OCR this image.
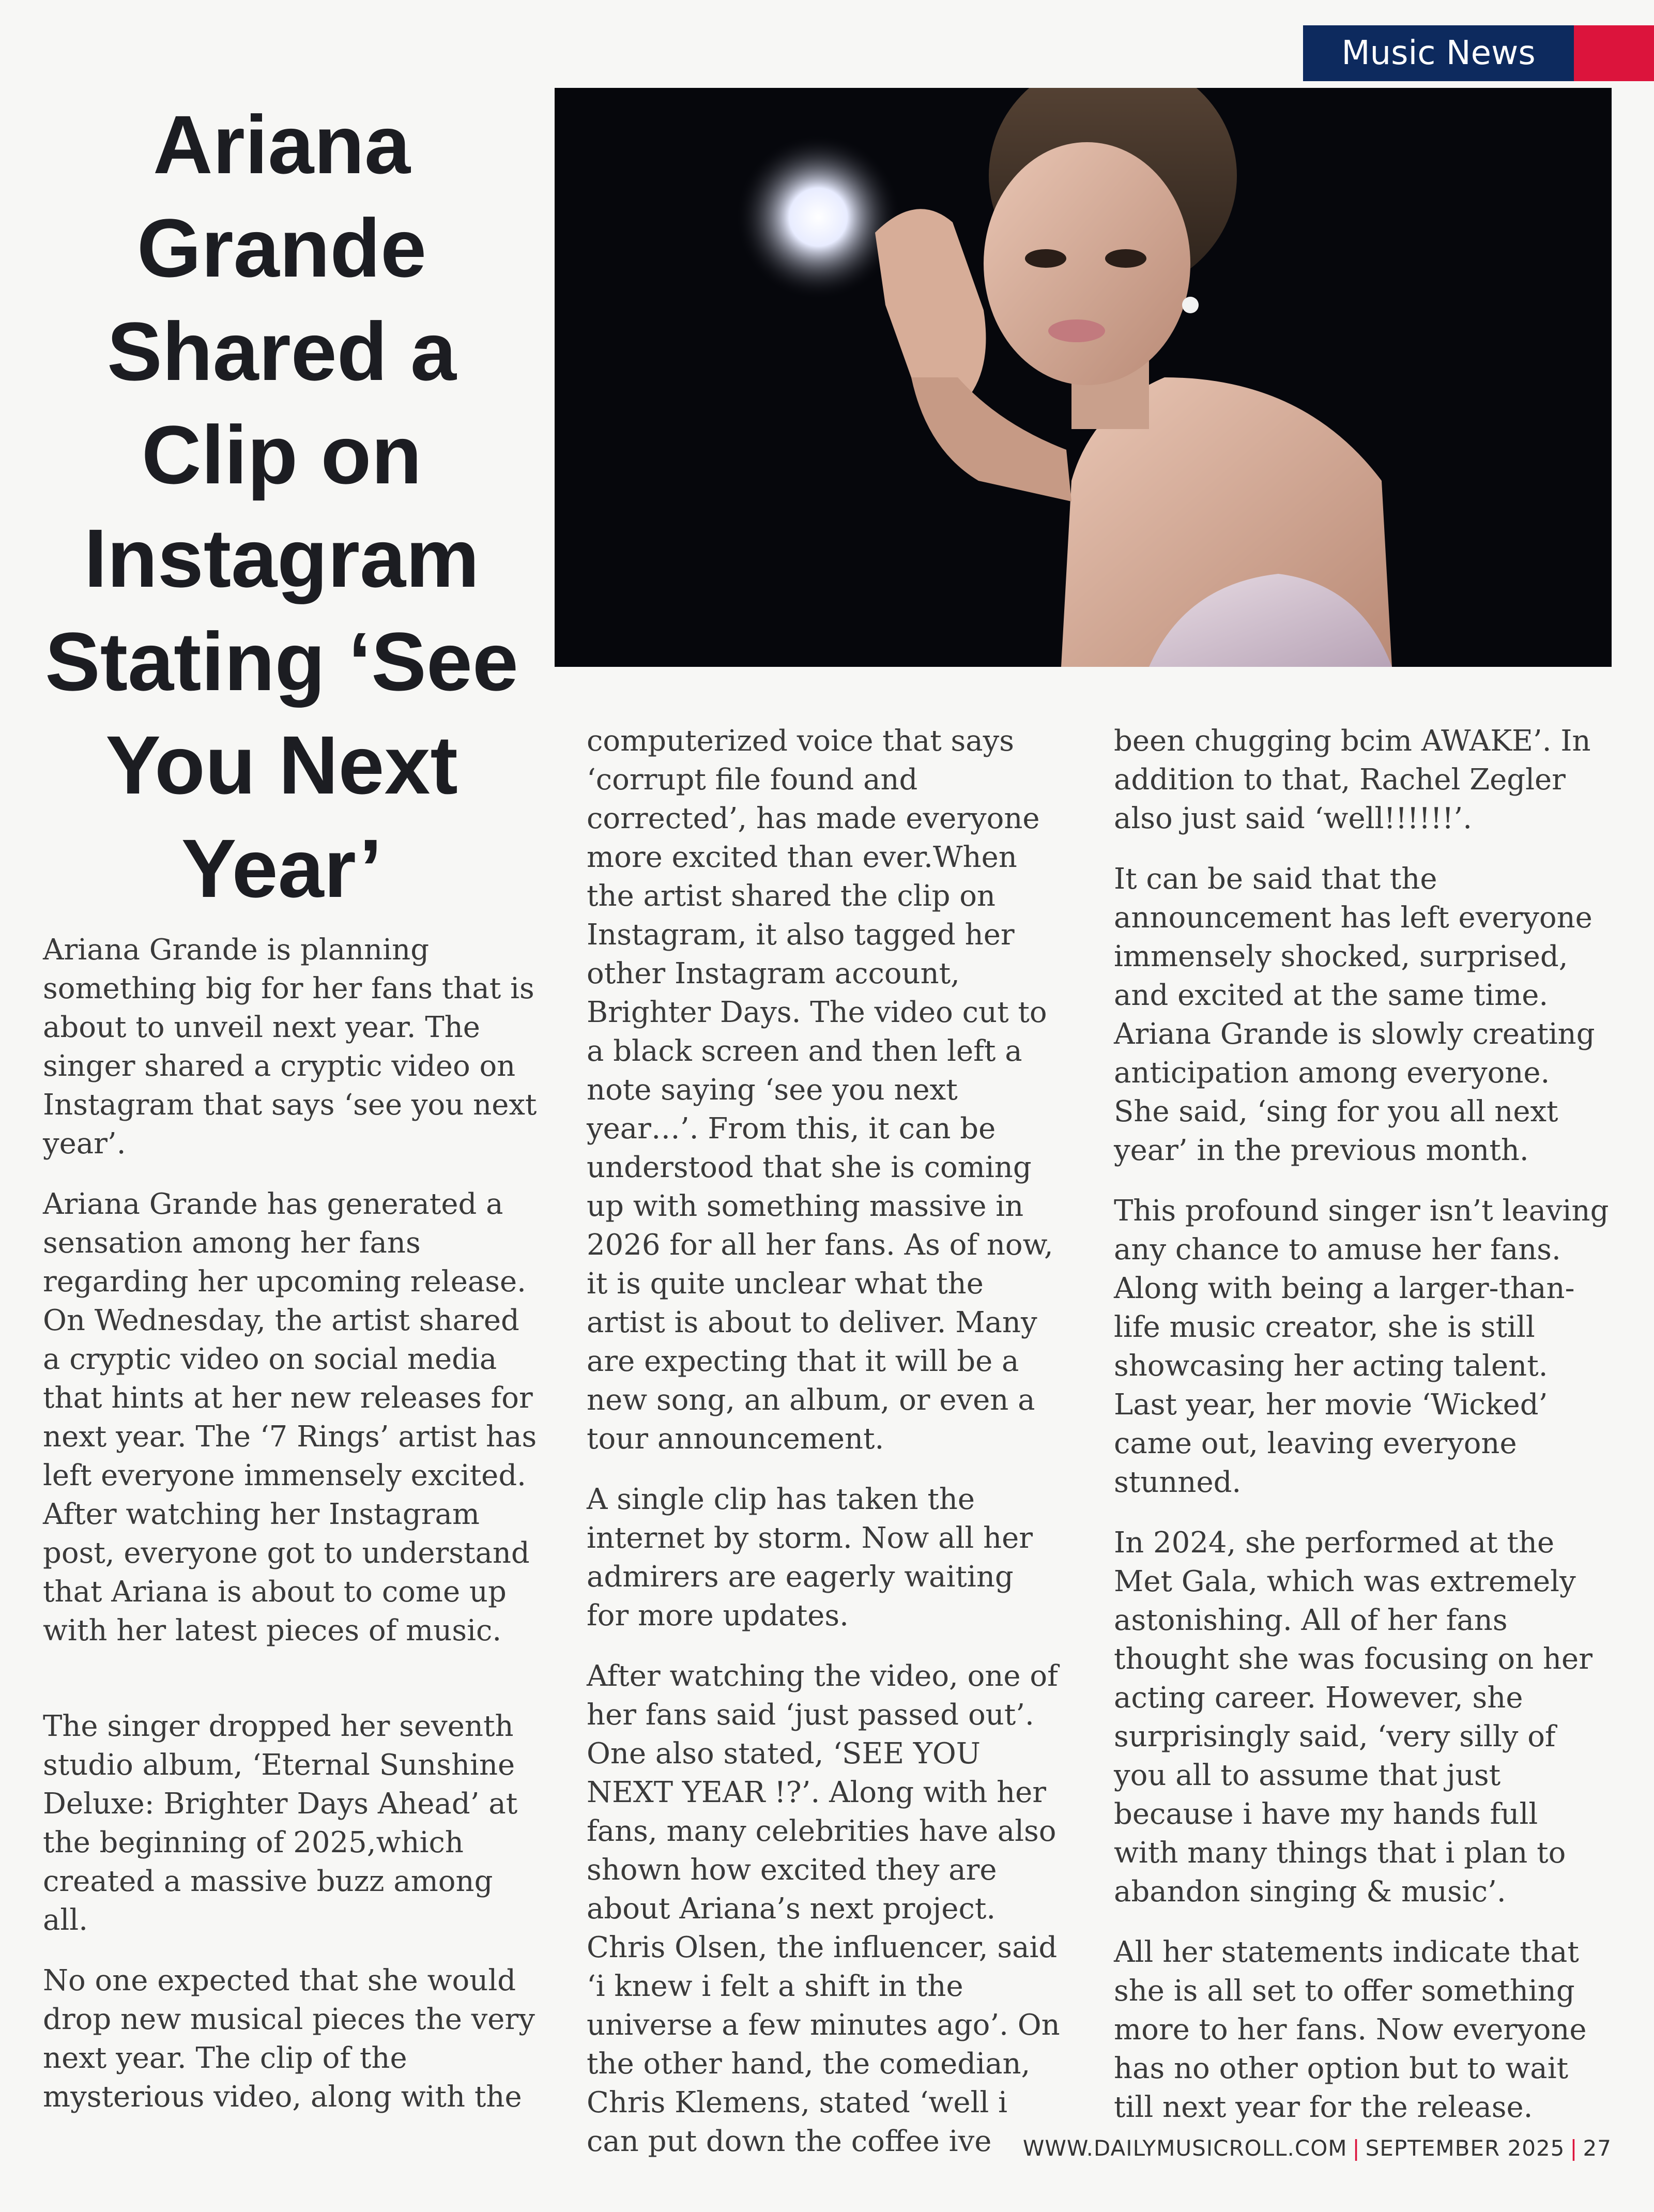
Music News
Ariana Grande Shared a Clip on Instagram Stating ‘See You Next Year’

Ariana Grande is planning something big for her fans that is about to unveil next year. The singer shared a cryptic video on Instagram that says ‘see you next year’.

Ariana Grande has generated a sensation among her fans regarding her upcoming release. On Wednesday, the artist shared a cryptic video on social media that hints at her new releases for next year. The ‘7 Rings’ artist has left everyone immensely excited. After watching her Instagram post, everyone got to understand that Ariana is about to come up with her latest pieces of music.

The singer dropped her seventh studio album, ‘Eternal Sunshine Deluxe: Brighter Days Ahead’ at the beginning of 2025,which created a massive buzz among all.

No one expected that she would drop new musical pieces the very next year. The clip of the mysterious video, along with the

computerized voice that says ‘corrupt file found and corrected’, has made everyone more excited than ever.When the artist shared the clip on Instagram, it also tagged her other Instagram account, Brighter Days. The video cut to a black screen and then left a note saying ‘see you next year…’. From this, it can be understood that she is coming up with something massive in 2026 for all her fans. As of now, it is quite unclear what the artist is about to deliver. Many are expecting that it will be a new song, an album, or even a tour announcement.

A single clip has taken the internet by storm. Now all her admirers are eagerly waiting for more updates.

After watching the video, one of her fans said ‘just passed out’. One also stated, ‘SEE YOU NEXT YEAR !?’. Along with her fans, many celebrities have also shown how excited they are about Ariana’s next project. Chris Olsen, the influencer, said ‘i knew i felt a shift in the universe a few minutes ago’. On the other hand, the comedian, Chris Klemens, stated ‘well i can put down the coffee ive

been chugging bcim AWAKE’. In addition to that, Rachel Zegler also just said ‘well!!!!!!’.

It can be said that the announcement has left everyone immensely shocked, surprised, and excited at the same time. Ariana Grande is slowly creating anticipation among everyone. She said, ‘sing for you all next year’ in the previous month.

This profound singer isn’t leaving any chance to amuse her fans. Along with being a larger-than-life music creator, she is still showcasing her acting talent. Last year, her movie ‘Wicked’ came out, leaving everyone stunned.

In 2024, she performed at the Met Gala, which was extremely astonishing. All of her fans thought she was focusing on her acting career. However, she surprisingly said, ‘very silly of you all to assume that just because i have my hands full with many things that i plan to abandon singing & music’.

All her statements indicate that she is all set to offer something more to her fans. Now everyone has no other option but to wait till next year for the release.

WWW.DAILYMUSICROLL.COM | SEPTEMBER 2025 | 27
